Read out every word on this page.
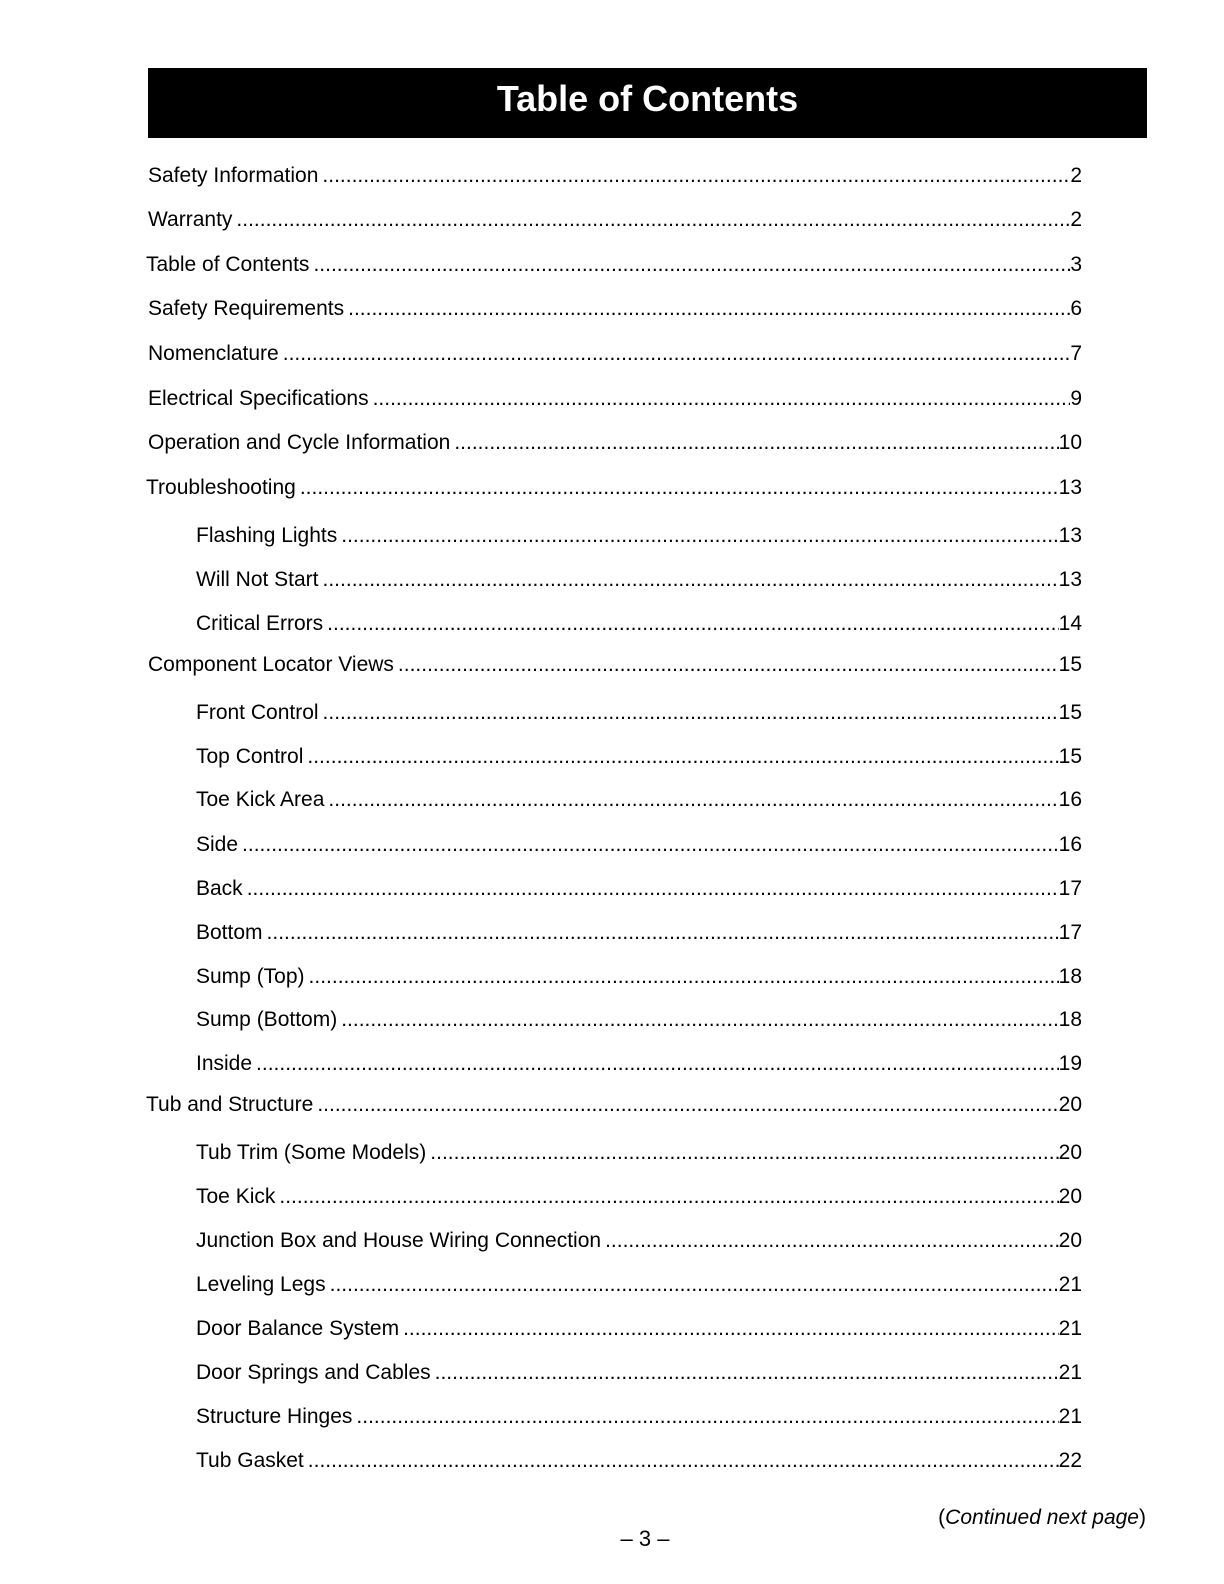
Table of Contents
Safety Information .....	2
Warranty .....	2
Table of Contents .....	3
Safety Requirements .....	6
Nomenclature .....	7
Electrical Specifications .....	9
Operation and Cycle Information .....	10
Troubleshooting .....	13
Flashing Lights .....	13
Will Not Start .....	13
Critical Errors .....	14
Component Locator Views .....	15
Front Control .....	15
Top Control .....	15
Toe Kick Area .....	16
Side .....	16
Back .....	17
Bottom .....	17
Sump (Top) .....	18
Sump (Bottom) .....	18
Inside .....	19
Tub and Structure .....	20
Tub Trim (Some Models) .....	20
Toe Kick .....	20
Junction Box and House Wiring Connection .....	20
Leveling Legs .....	21
Door Balance System .....	21
Door Springs and Cables .....	21
Structure Hinges .....	21
Tub Gasket .....	22
(Continued next page)
– 3 –
